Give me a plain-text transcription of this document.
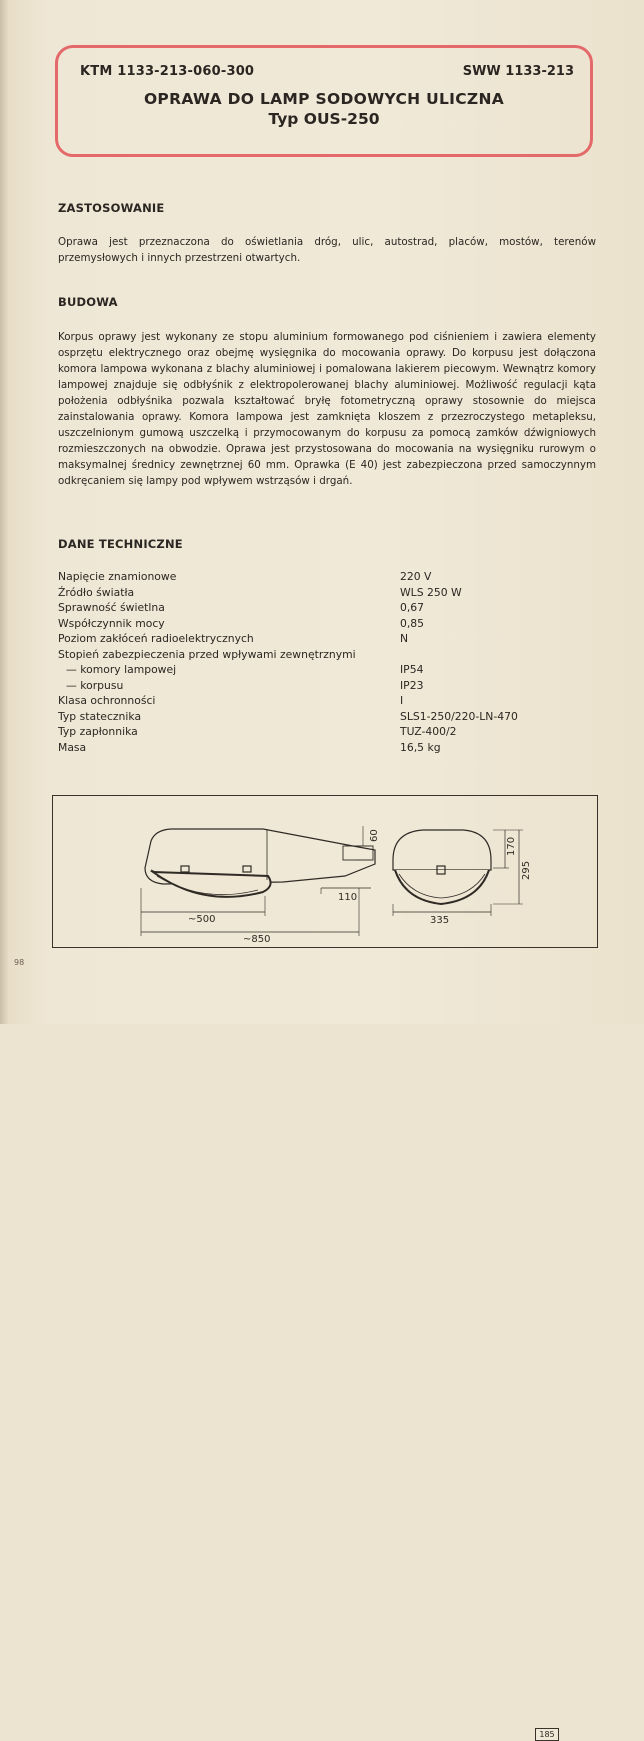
KTM 1133-213-060-300	SWW 1133-213
OPRAWA DO LAMP SODOWYCH ULICZNA
Typ OUS-250
ZASTOSOWANIE
Oprawa jest przeznaczona do oświetlania dróg, ulic, autostrad, placów, mostów, terenów przemysłowych i innych przestrzeni otwartych.
BUDOWA
Korpus oprawy jest wykonany ze stopu aluminium formowanego pod ciśnieniem i zawiera elementy osprzętu elektrycznego oraz obejmę wysięgnika do mocowania oprawy. Do korpusu jest dołączona komora lampowa wykonana z blachy aluminiowej i pomalowana lakierem piecowym. Wewnątrz komory lampowej znajduje się odbłyśnik z elektropolerowanej blachy aluminiowej. Możliwość regulacji kąta położenia odbłyśnika pozwala kształtować bryłę fotometryczną oprawy stosownie do miejsca zainstalowania oprawy. Komora lampowa jest zamknięta kloszem z przezroczystego metapleksu, uszczelnionym gumową uszczelką i przymocowanym do korpusu za pomocą zamków dźwigniowych rozmieszczonych na obwodzie. Oprawa jest przystosowana do mocowania na wysięgniku rurowym o maksymalnej średnicy zewnętrznej 60 mm. Oprawka (E 40) jest zabezpieczona przed samoczynnym odkręcaniem się lampy pod wpływem wstrząsów i drgań.
DANE TECHNICZNE
Napięcie znamionowe	220 V
Źródło światła	WLS 250 W
Sprawność świetlna	0,67
Współczynnik mocy	0,85
Poziom zakłóceń radioelektrycznych	N
Stopień zabezpieczenia przed wpływami zewnętrznymi
— komory lampowej	IP54
— korpusu	IP23
Klasa ochronności	I
Typ statecznika	SLS1-250/220-LN-470
Typ zapłonnika	TUZ-400/2
Masa	16,5 kg
~500
~850
110
335
60
170
295
185
98
